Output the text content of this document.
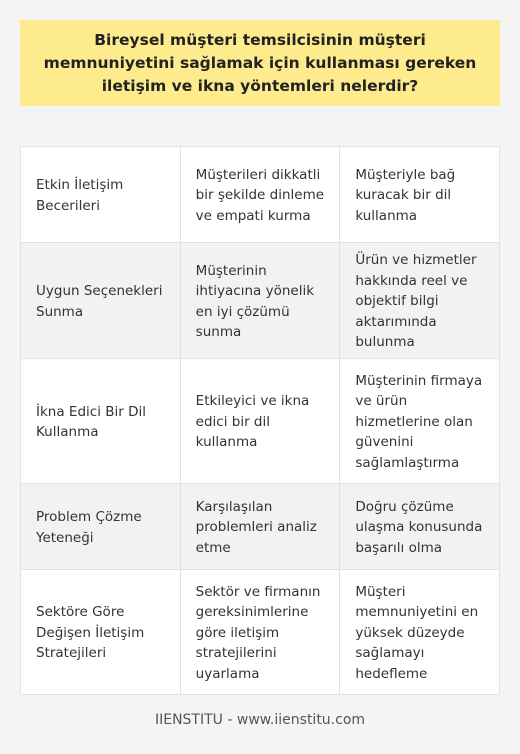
Bireysel müşteri temsilcisinin müşteri memnuniyetini sağlamak için kullanması gereken iletişim ve ikna yöntemleri nelerdir?
Etkin İletişim Becerileri
Müşterileri dikkatli bir şekilde dinleme ve empati kurma
Müşteriyle bağ kuracak bir dil kullanma
Uygun Seçenekleri Sunma
Müşterinin ihtiyacına yönelik en iyi çözümü sunma
Ürün ve hizmetler hakkında reel ve objektif bilgi aktarımında bulunma
İkna Edici Bir Dil Kullanma
Etkileyici ve ikna edici bir dil kullanma
Müşterinin firmaya ve ürün hizmetlerine olan güvenini sağlamlaştırma
Problem Çözme Yeteneği
Karşılaşılan problemleri analiz etme
Doğru çözüme ulaşma konusunda başarılı olma
Sektöre Göre Değişen İletişim Stratejileri
Sektör ve firmanın gereksinimlerine göre iletişim stratejilerini uyarlama
Müşteri memnuniyetini en yüksek düzeyde sağlamayı hedefleme
IIENSTITU - www.iienstitu.com
